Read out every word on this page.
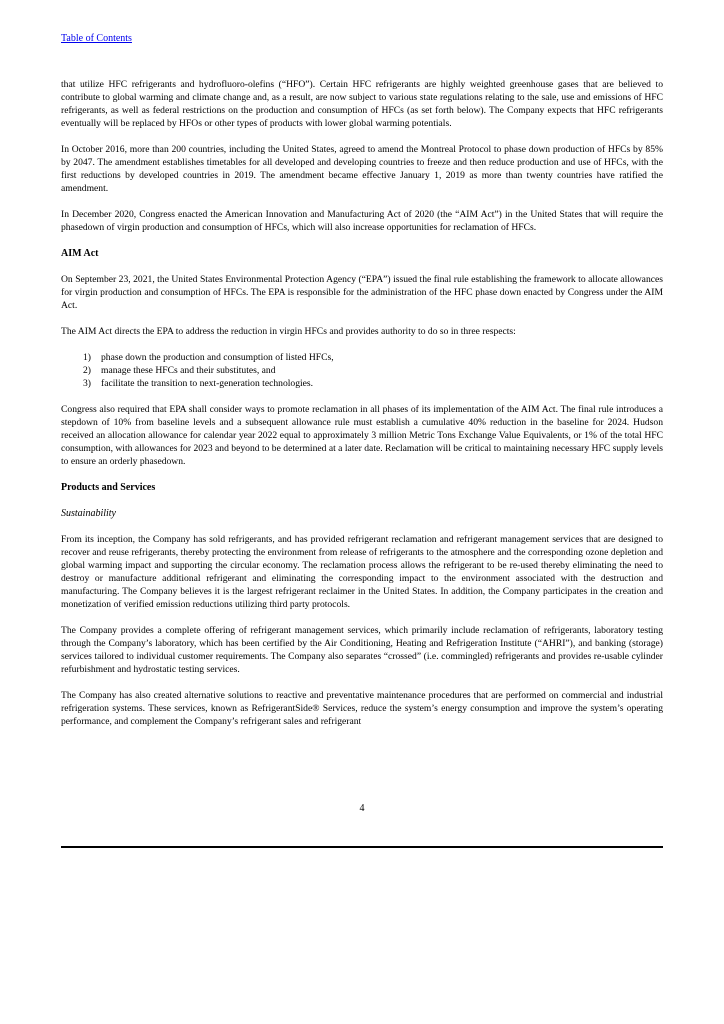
Table of Contents

that utilize HFC refrigerants and hydrofluoro-olefins (“HFO”). Certain HFC refrigerants are highly weighted greenhouse gases that are believed to contribute to global warming and climate change and, as a result, are now subject to various state regulations relating to the sale, use and emissions of HFC refrigerants, as well as federal restrictions on the production and consumption of HFCs (as set forth below). The Company expects that HFC refrigerants eventually will be replaced by HFOs or other types of products with lower global warming potentials.

In October 2016, more than 200 countries, including the United States, agreed to amend the Montreal Protocol to phase down production of HFCs by 85% by 2047. The amendment establishes timetables for all developed and developing countries to freeze and then reduce production and use of HFCs, with the first reductions by developed countries in 2019. The amendment became effective January 1, 2019 as more than twenty countries have ratified the amendment.

In December 2020, Congress enacted the American Innovation and Manufacturing Act of 2020 (the “AIM Act”) in the United States that will require the phasedown of virgin production and consumption of HFCs, which will also increase opportunities for reclamation of HFCs.

AIM Act

On September 23, 2021, the United States Environmental Protection Agency (“EPA”) issued the final rule establishing the framework to allocate allowances for virgin production and consumption of HFCs. The EPA is responsible for the administration of the HFC phase down enacted by Congress under the AIM Act.

The AIM Act directs the EPA to address the reduction in virgin HFCs and provides authority to do so in three respects:

1) phase down the production and consumption of listed HFCs,
2) manage these HFCs and their substitutes, and
3) facilitate the transition to next-generation technologies.

Congress also required that EPA shall consider ways to promote reclamation in all phases of its implementation of the AIM Act. The final rule introduces a stepdown of 10% from baseline levels and a subsequent allowance rule must establish a cumulative 40% reduction in the baseline for 2024. Hudson received an allocation allowance for calendar year 2022 equal to approximately 3 million Metric Tons Exchange Value Equivalents, or 1% of the total HFC consumption, with allowances for 2023 and beyond to be determined at a later date. Reclamation will be critical to maintaining necessary HFC supply levels to ensure an orderly phasedown.

Products and Services
Sustainability

From its inception, the Company has sold refrigerants, and has provided refrigerant reclamation and refrigerant management services that are designed to recover and reuse refrigerants, thereby protecting the environment from release of refrigerants to the atmosphere and the corresponding ozone depletion and global warming impact and supporting the circular economy. The reclamation process allows the refrigerant to be re-used thereby eliminating the need to destroy or manufacture additional refrigerant and eliminating the corresponding impact to the environment associated with the destruction and manufacturing. The Company believes it is the largest refrigerant reclaimer in the United States. In addition, the Company participates in the creation and monetization of verified emission reductions utilizing third party protocols.

The Company provides a complete offering of refrigerant management services, which primarily include reclamation of refrigerants, laboratory testing through the Company’s laboratory, which has been certified by the Air Conditioning, Heating and Refrigeration Institute (“AHRI”), and banking (storage) services tailored to individual customer requirements. The Company also separates “crossed” (i.e. commingled) refrigerants and provides re-usable cylinder refurbishment and hydrostatic testing services.

The Company has also created alternative solutions to reactive and preventative maintenance procedures that are performed on commercial and industrial refrigeration systems. These services, known as RefrigerantSide® Services, reduce the system’s energy consumption and improve the system’s operating performance, and complement the Company’s refrigerant sales and refrigerant

4
